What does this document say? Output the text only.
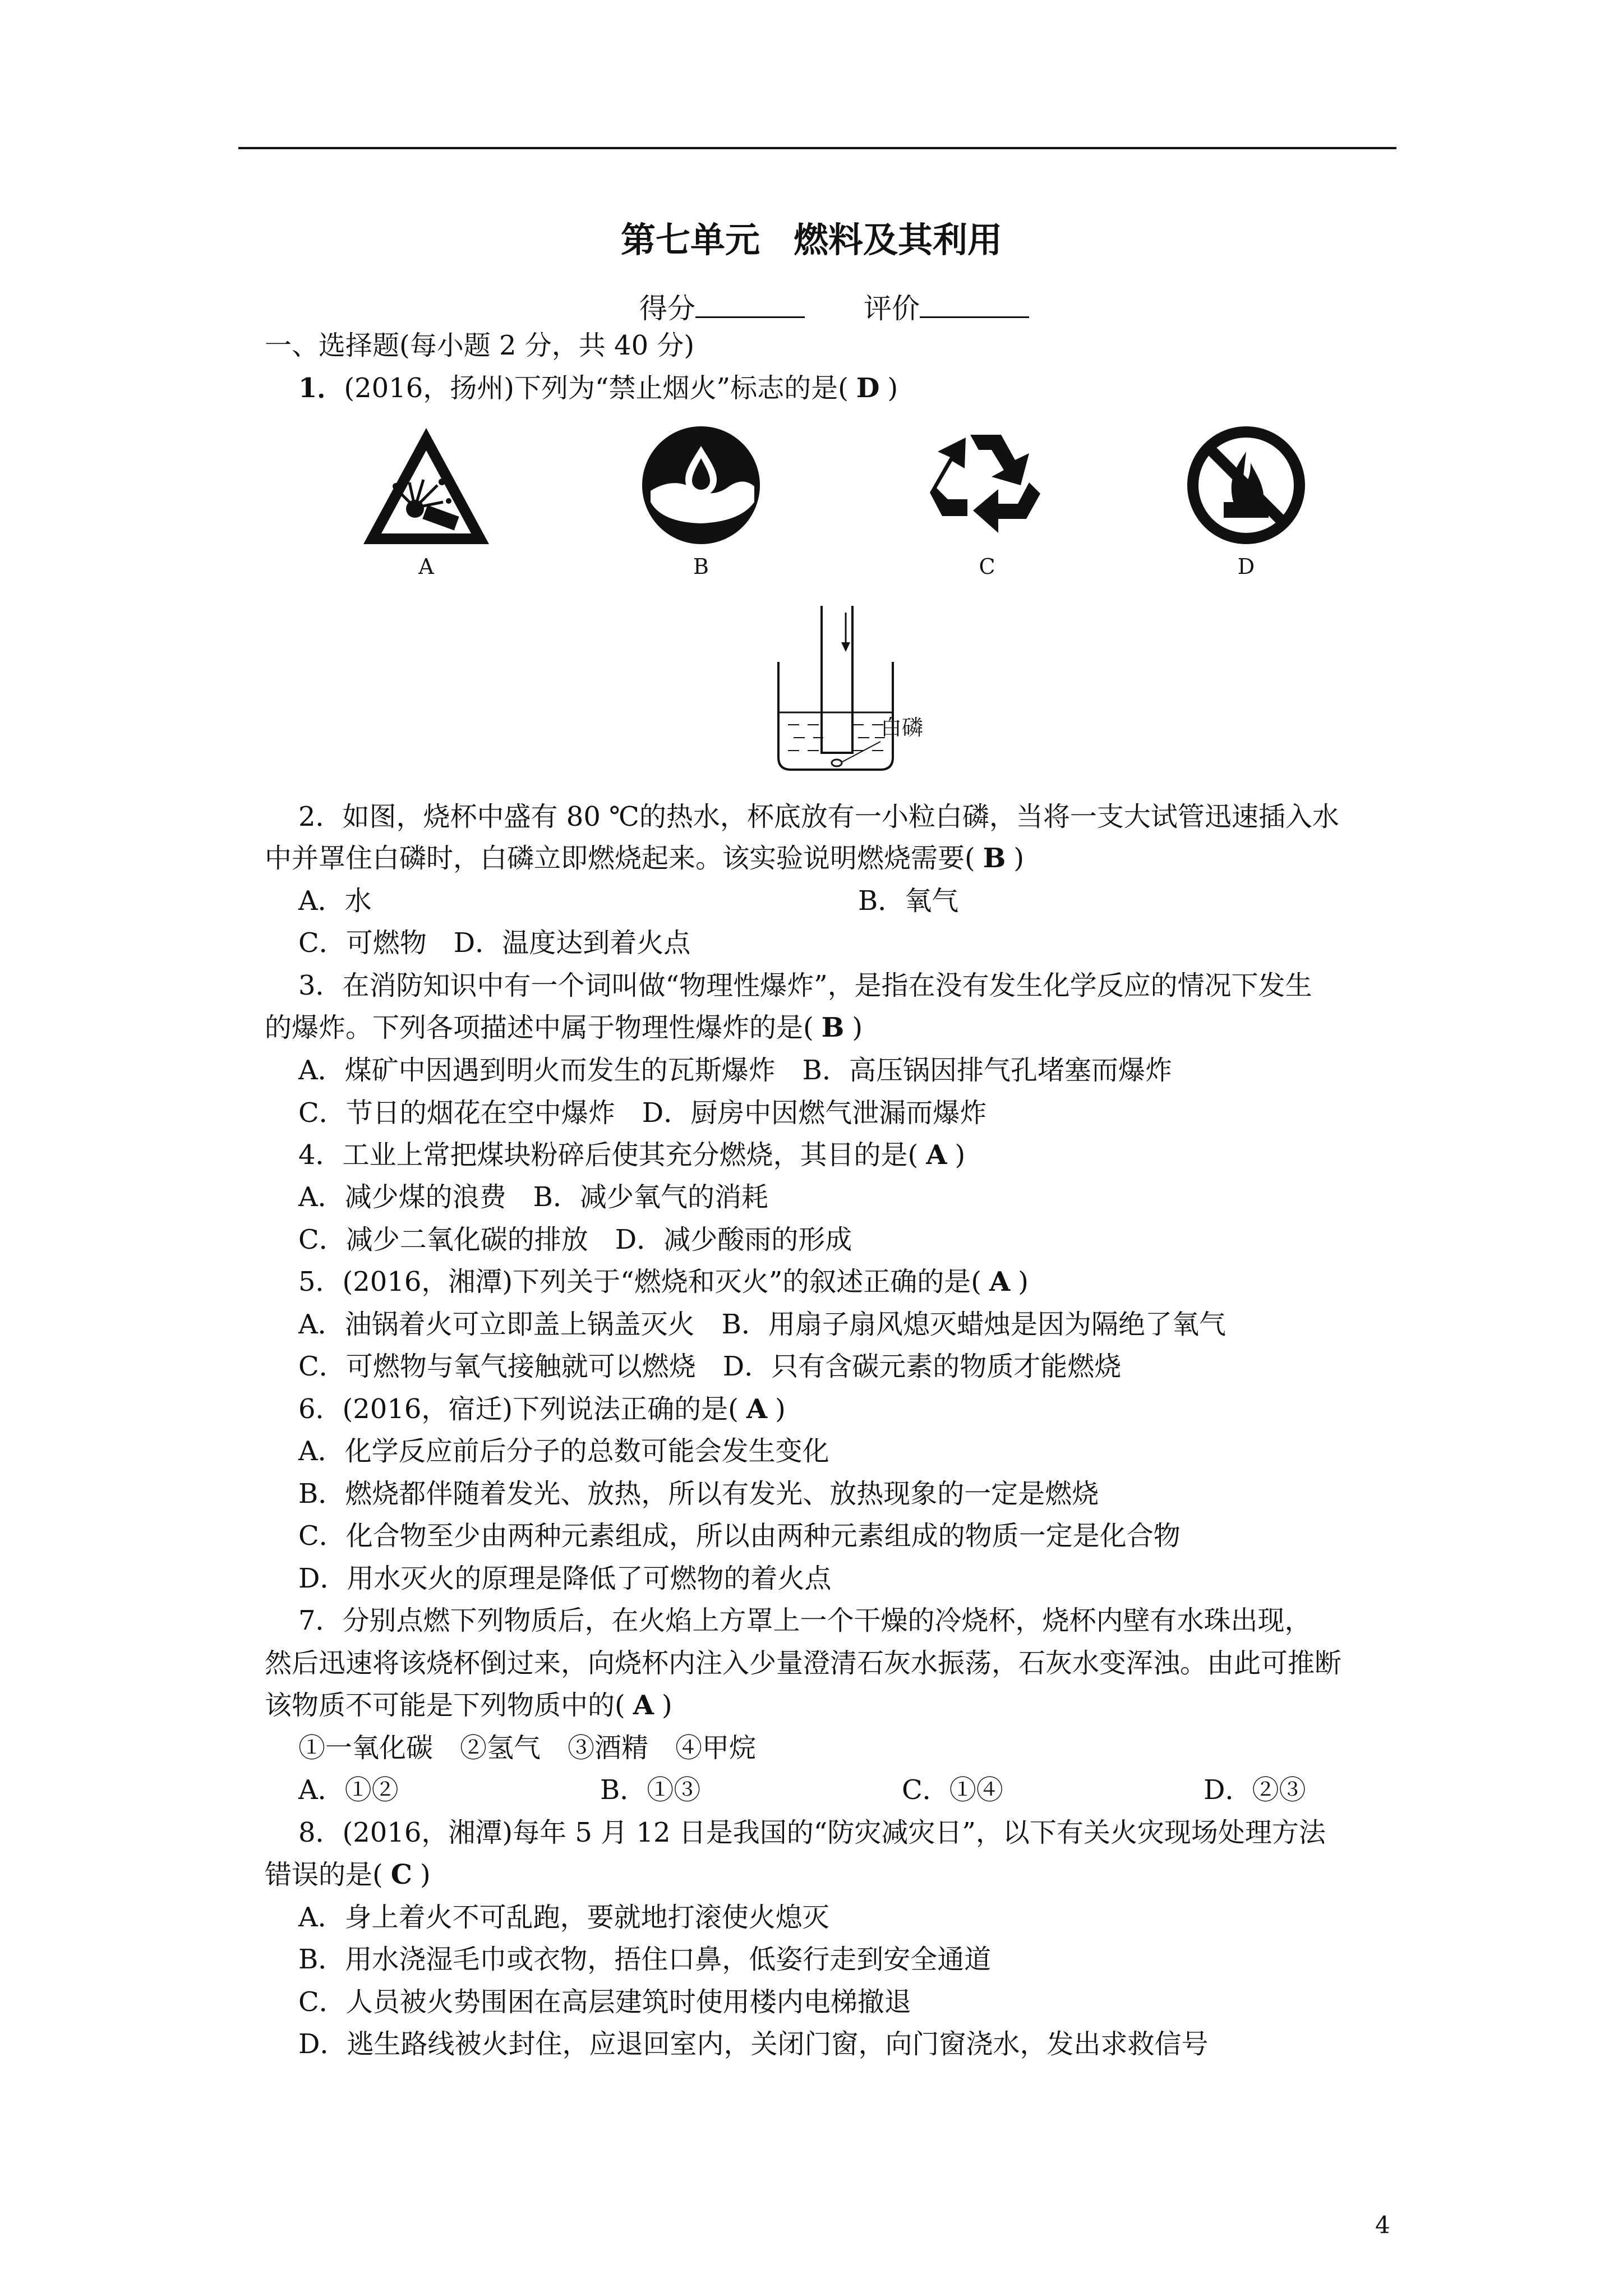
第七单元 燃料及其利用
得分	评价
一、选择题(每小题 2 分，共 40 分)
1．(2016，扬州)下列为“禁止烟火”标志的是( D )
A	B	C	D
白磷
2．如图，烧杯中盛有 80 ℃的热水，杯底放有一小粒白磷，当将一支大试管迅速插入水
中并罩住白磷时，白磷立即燃烧起来。该实验说明燃烧需要( B )
A．水	B．氧气
C．可燃物　D．温度达到着火点
3．在消防知识中有一个词叫做“物理性爆炸”，是指在没有发生化学反应的情况下发生
的爆炸。下列各项描述中属于物理性爆炸的是( B )
A．煤矿中因遇到明火而发生的瓦斯爆炸　B．高压锅因排气孔堵塞而爆炸
C．节日的烟花在空中爆炸　D．厨房中因燃气泄漏而爆炸
4．工业上常把煤块粉碎后使其充分燃烧，其目的是( A )
A．减少煤的浪费　B．减少氧气的消耗
C．减少二氧化碳的排放　D．减少酸雨的形成
5．(2016，湘潭)下列关于“燃烧和灭火”的叙述正确的是( A )
A．油锅着火可立即盖上锅盖灭火　B．用扇子扇风熄灭蜡烛是因为隔绝了氧气
C．可燃物与氧气接触就可以燃烧　D．只有含碳元素的物质才能燃烧
6．(2016，宿迁)下列说法正确的是( A )
A．化学反应前后分子的总数可能会发生变化
B．燃烧都伴随着发光、放热，所以有发光、放热现象的一定是燃烧
C．化合物至少由两种元素组成，所以由两种元素组成的物质一定是化合物
D．用水灭火的原理是降低了可燃物的着火点
7．分别点燃下列物质后，在火焰上方罩上一个干燥的冷烧杯，烧杯内壁有水珠出现，
然后迅速将该烧杯倒过来，向烧杯内注入少量澄清石灰水振荡，石灰水变浑浊。由此可推断
该物质不可能是下列物质中的( A )
①一氧化碳　②氢气　③酒精　④甲烷
A．①②	B．①③	C．①④	D．②③
8．(2016，湘潭)每年 5 月 12 日是我国的“防灾减灾日”，以下有关火灾现场处理方法
错误的是( C )
A．身上着火不可乱跑，要就地打滚使火熄灭
B．用水浇湿毛巾或衣物，捂住口鼻，低姿行走到安全通道
C．人员被火势围困在高层建筑时使用楼内电梯撤退
D．逃生路线被火封住，应退回室内，关闭门窗，向门窗浇水，发出求救信号
4
